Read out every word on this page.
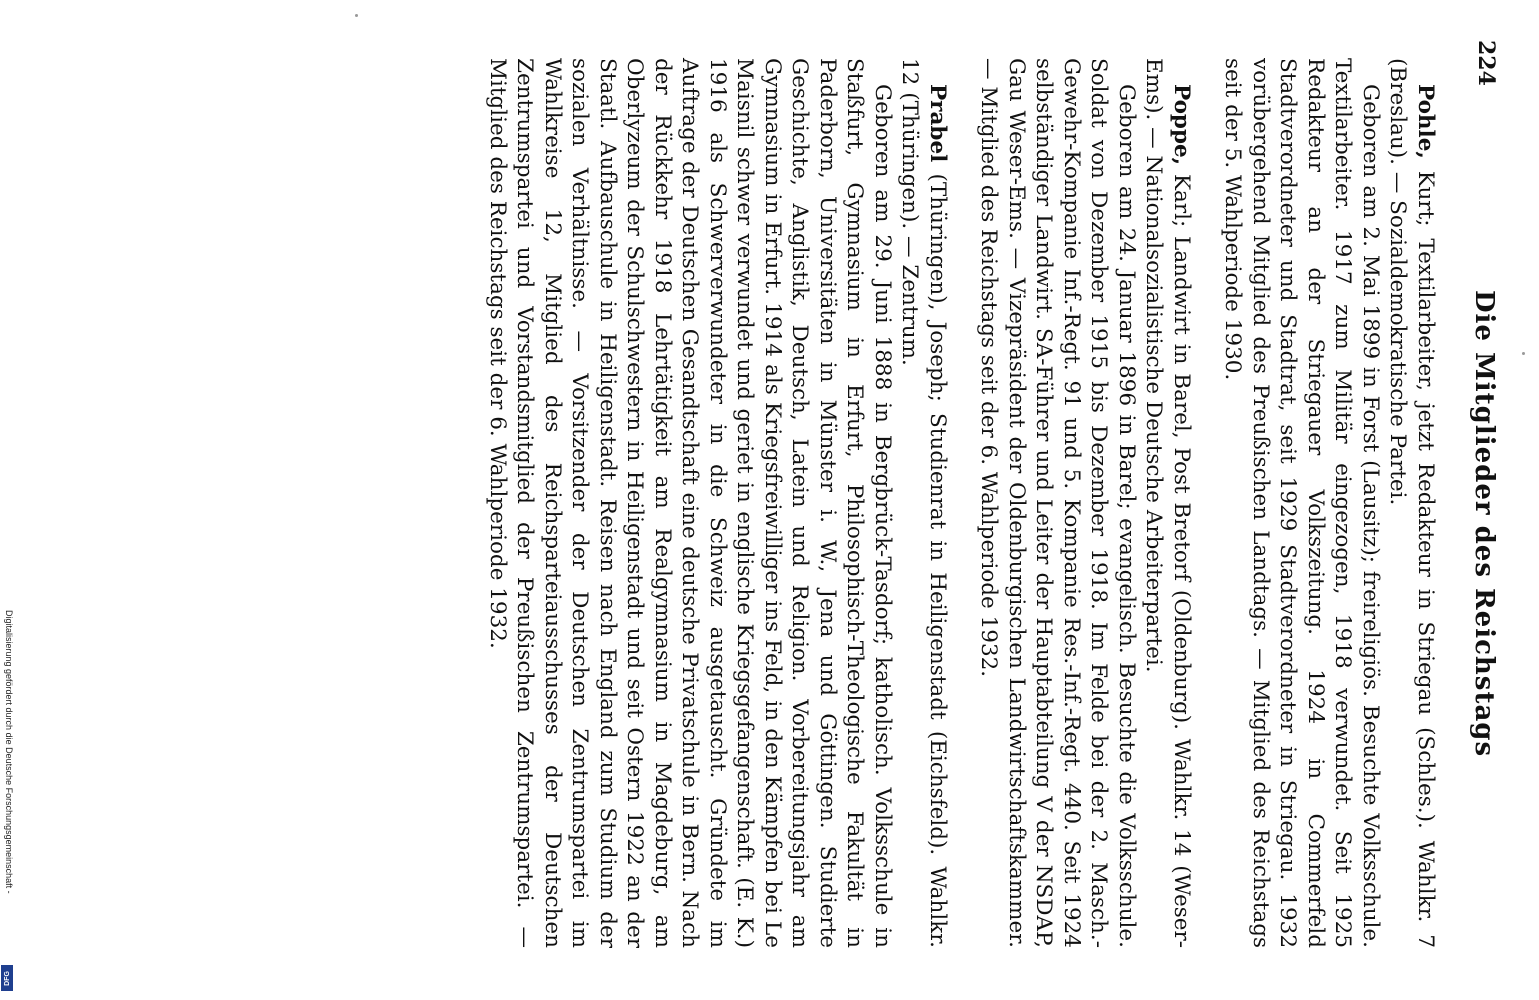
224
Die Mitglieder des Reichstags

Pohle, Kurt; Textilarbeiter, jetzt Redakteur in Striegau (Schles.). Wahlkr. 7 (Breslau). — Sozialdemokratische Partei.

Geboren am 2. Mai 1899 in Forst (Lausitz); freireligiös. Besuchte Volksschule. Textilarbeiter. 1917 zum Militär eingezogen, 1918 verwundet. Seit 1925 Redakteur an der Striegauer Volkszeitung. 1924 in Commerfeld Stadtverordneter und Stadtrat, seit 1929 Stadtverordneter in Striegau. 1932 vorübergehend Mitglied des Preußischen Landtags. — Mitglied des Reichstags seit der 5. Wahlperiode 1930.

Poppe, Karl; Landwirt in Barel, Post Bretorf (Oldenburg). Wahlkr. 14 (Weser-Ems). — Nationalsozialistische Deutsche Arbeiterpartei.

Geboren am 24. Januar 1896 in Barel; evangelisch. Besuchte die Volksschule. Soldat von Dezember 1915 bis Dezember 1918. Im Felde bei der 2. Masch.-Gewehr-Kompanie Inf.-Regt. 91 und 5. Kompanie Res.-Inf.-Regt. 440. Seit 1924 selbständiger Landwirt. SA-Führer und Leiter der Hauptabteilung V der NSDAP, Gau Weser-Ems. — Vizepräsident der Oldenburgischen Landwirtschaftskammer. — Mitglied des Reichstags seit der 6. Wahlperiode 1932.

Prabel (Thüringen), Joseph; Studienrat in Heiligenstadt (Eichsfeld). Wahlkr. 12 (Thüringen). — Zentrum.

Geboren am 29. Juni 1888 in Bergbrück-Tasdorf; katholisch. Volksschule in Staßfurt, Gymnasium in Erfurt, Philosophisch-Theologische Fakultät in Paderborn, Universitäten in Münster i. W., Jena und Göttingen. Studierte Geschichte, Anglistik, Deutsch, Latein und Religion. Vorbereitungsjahr am Gymnasium in Erfurt. 1914 als Kriegsfreiwilliger ins Feld, in den Kämpfen bei Le Maisnil schwer verwundet und geriet in englische Kriegsgefangenschaft. (E. K.) 1916 als Schwerverwundeter in die Schweiz ausgetauscht. Gründete im Auftrage der Deutschen Gesandtschaft eine deutsche Privatschule in Bern. Nach der Rückkehr 1918 Lehrtätigkeit am Realgymnasium in Magdeburg, am Oberlyzeum der Schulschwestern in Heiligenstadt und seit Ostern 1922 an der Staatl. Aufbauschule in Heiligenstadt. Reisen nach England zum Studium der sozialen Verhältnisse. — Vorsitzender der Deutschen Zentrumspartei im Wahlkreise 12, Mitglied des Reichsparteiausschusses der Deutschen Zentrumspartei und Vorstandsmitglied der Preußischen Zentrumspartei. — Mitglied des Reichstags seit der 6. Wahlperiode 1932.

Digitalisierung gefördert durch die Deutsche Forschungsgemeinschaft -
DFG
